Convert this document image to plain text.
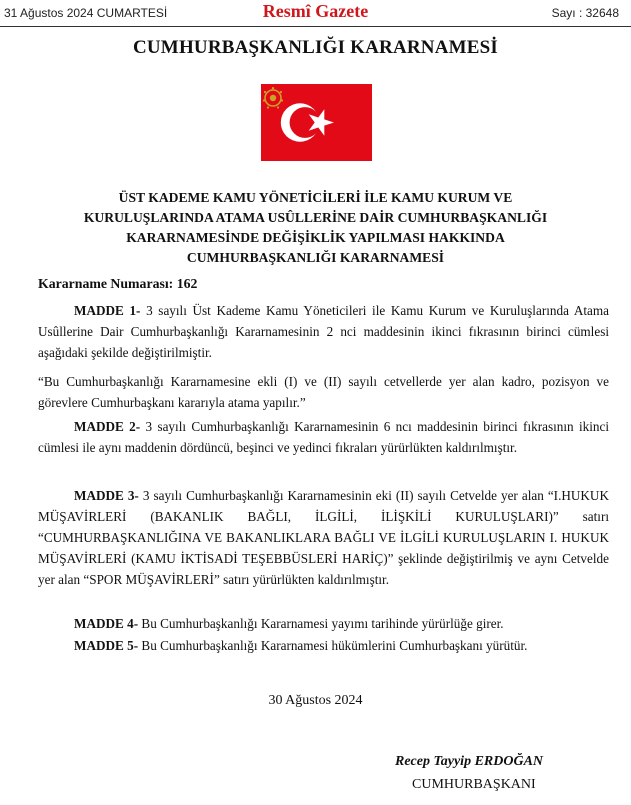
31 Ağustos 2024 CUMARTESİ	Resmî Gazete	Sayı : 32648
CUMHURBAŞKANLIĞI KARARNAMESİ
ÜST KADEME KAMU YÖNETİCİLERİ İLE KAMU KURUM VE
KURULUŞLARINDA ATAMA USÛLLERİNE DAİR CUMHURBAŞKANLIĞI
KARARNAMESİNDE DEĞİŞİKLİK YAPILMASI HAKKINDA
CUMHURBAŞKANLIĞI KARARNAMESİ
Kararname Numarası: 162
MADDE 1- 3 sayılı Üst Kademe Kamu Yöneticileri ile Kamu Kurum ve Kuruluşlarında Atama Usûllerine Dair Cumhurbaşkanlığı Kararnamesinin 2 nci maddesinin ikinci fıkrasının birinci cümlesi aşağıdaki şekilde değiştirilmiştir.
“Bu Cumhurbaşkanlığı Kararnamesine ekli (I) ve (II) sayılı cetvellerde yer alan kadro, pozisyon ve görevlere Cumhurbaşkanı kararıyla atama yapılır.”
MADDE 2- 3 sayılı Cumhurbaşkanlığı Kararnamesinin 6 ncı maddesinin birinci fıkrasının ikinci cümlesi ile aynı maddenin dördüncü, beşinci ve yedinci fıkraları yürürlükten kaldırılmıştır.
MADDE 3- 3 sayılı Cumhurbaşkanlığı Kararnamesinin eki (II) sayılı Cetvelde yer alan “I.HUKUK MÜŞAVİRLERİ (BAKANLIK BAĞLI, İLGİLİ, İLİŞKİLİ KURULUŞLARI)” satırı “CUMHURBAŞKANLIĞINA VE BAKANLIKLARA BAĞLI VE İLGİLİ KURULUŞLARIN I. HUKUK MÜŞAVİRLERİ (KAMU İKTİSADİ TEŞEBBÜSLERİ HARİÇ)” şeklinde değiştirilmiş ve aynı Cetvelde yer alan “SPOR MÜŞAVİRLERİ” satırı yürürlükten kaldırılmıştır.
MADDE 4- Bu Cumhurbaşkanlığı Kararnamesi yayımı tarihinde yürürlüğe girer.
MADDE 5- Bu Cumhurbaşkanlığı Kararnamesi hükümlerini Cumhurbaşkanı yürütür.
30 Ağustos 2024
Recep Tayyip ERDOĞAN
CUMHURBAŞKANI
